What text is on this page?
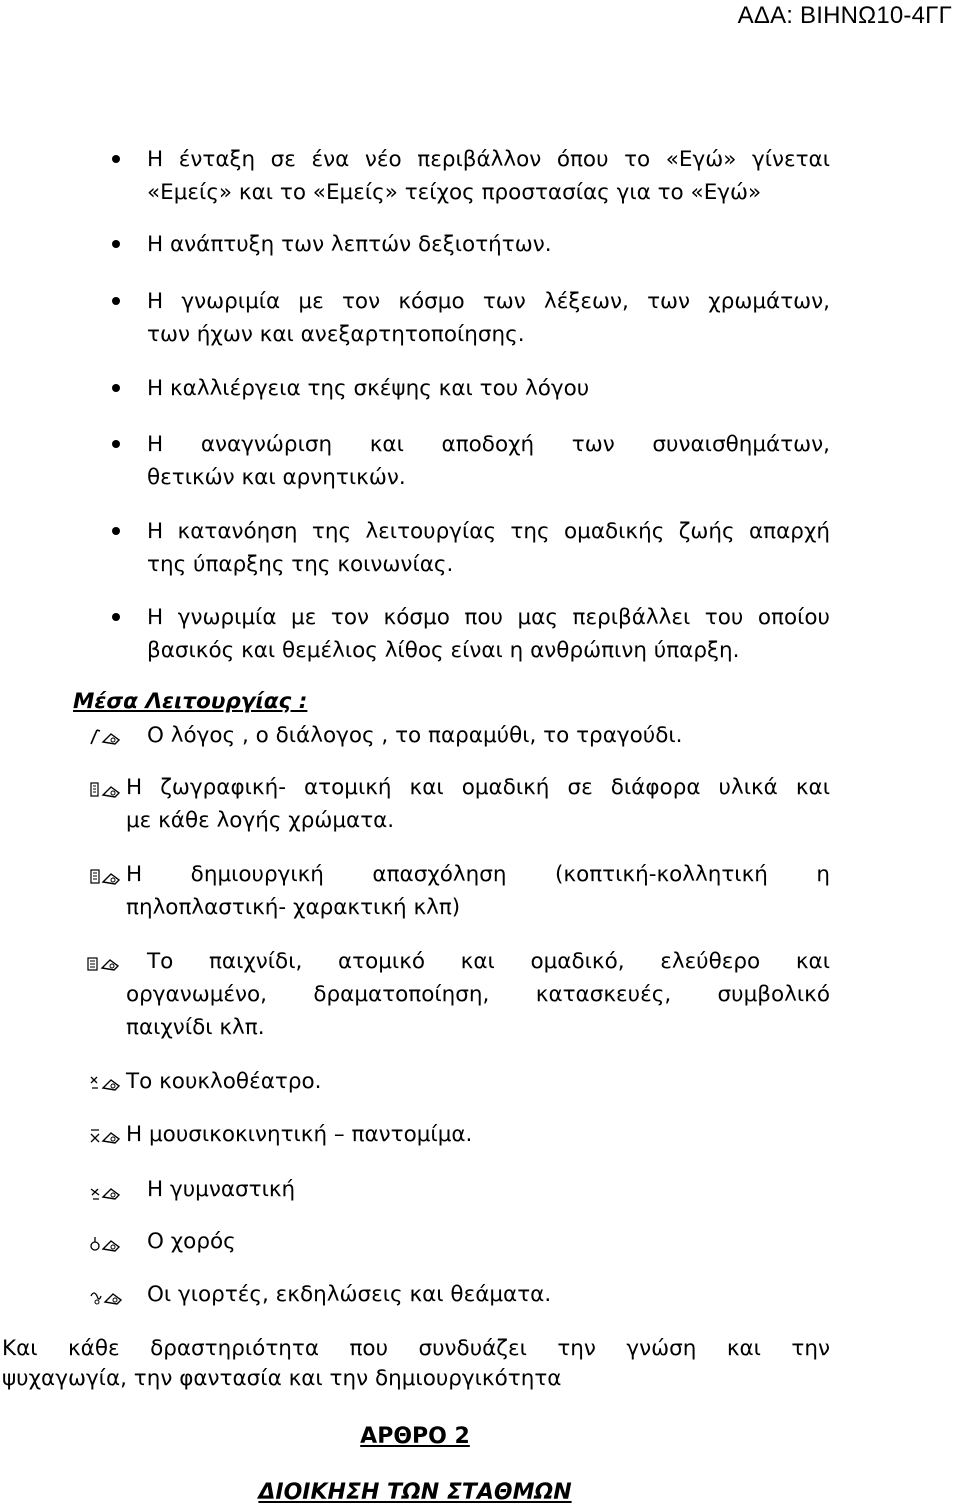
ΑΔΑ: ΒΙΗΝΩ10-4ΓΓ

Η ένταξη σε ένα νέο περιβάλλον όπου το «Εγώ» γίνεται

«Εμείς» και το «Εμείς» τείχος προστασίας για το «Εγώ»

Η ανάπτυξη των λεπτών δεξιοτήτων.

Η γνωριμία με τον κόσμο των λέξεων, των χρωμάτων,

των ήχων και ανεξαρτητοποίησης.

Η καλλιέργεια της σκέψης και του λόγου

Η αναγνώριση και αποδοχή των συναισθημάτων,

θετικών και αρνητικών.

Η κατανόηση της λειτουργίας της ομαδικής ζωής απαρχή

της ύπαρξης της κοινωνίας.

Η γνωριμία με τον κόσμο που μας περιβάλλει του οποίου

βασικός και θεμέλιος λίθος είναι η ανθρώπινη ύπαρξη.

Μέσα Λειτουργίας :

Ο λόγος , ο διάλογος , το παραμύθι, το τραγούδι.

Η ζωγραφική- ατομική και ομαδική σε διάφορα υλικά και

με κάθε λογής χρώματα.

Η δημιουργική απασχόληση (κοπτική-κολλητική η

πηλοπλαστική- χαρακτική κλπ)

Το παιχνίδι, ατομικό και ομαδικό, ελεύθερο και

οργανωμένο, δραματοποίηση, κατασκευές, συμβολικό

παιχνίδι κλπ.

Το κουκλοθέατρο.

Η μουσικοκινητική – παντομίμα.

Η γυμναστική

Ο χορός

Οι γιορτές, εκδηλώσεις και θεάματα.

Και κάθε δραστηριότητα που συνδυάζει την γνώση και την

ψυχαγωγία, την φαντασία και την δημιουργικότητα

ΑΡΘΡΟ 2

ΔΙΟΙΚΗΣΗ ΤΩΝ ΣΤΑΘΜΩΝ
